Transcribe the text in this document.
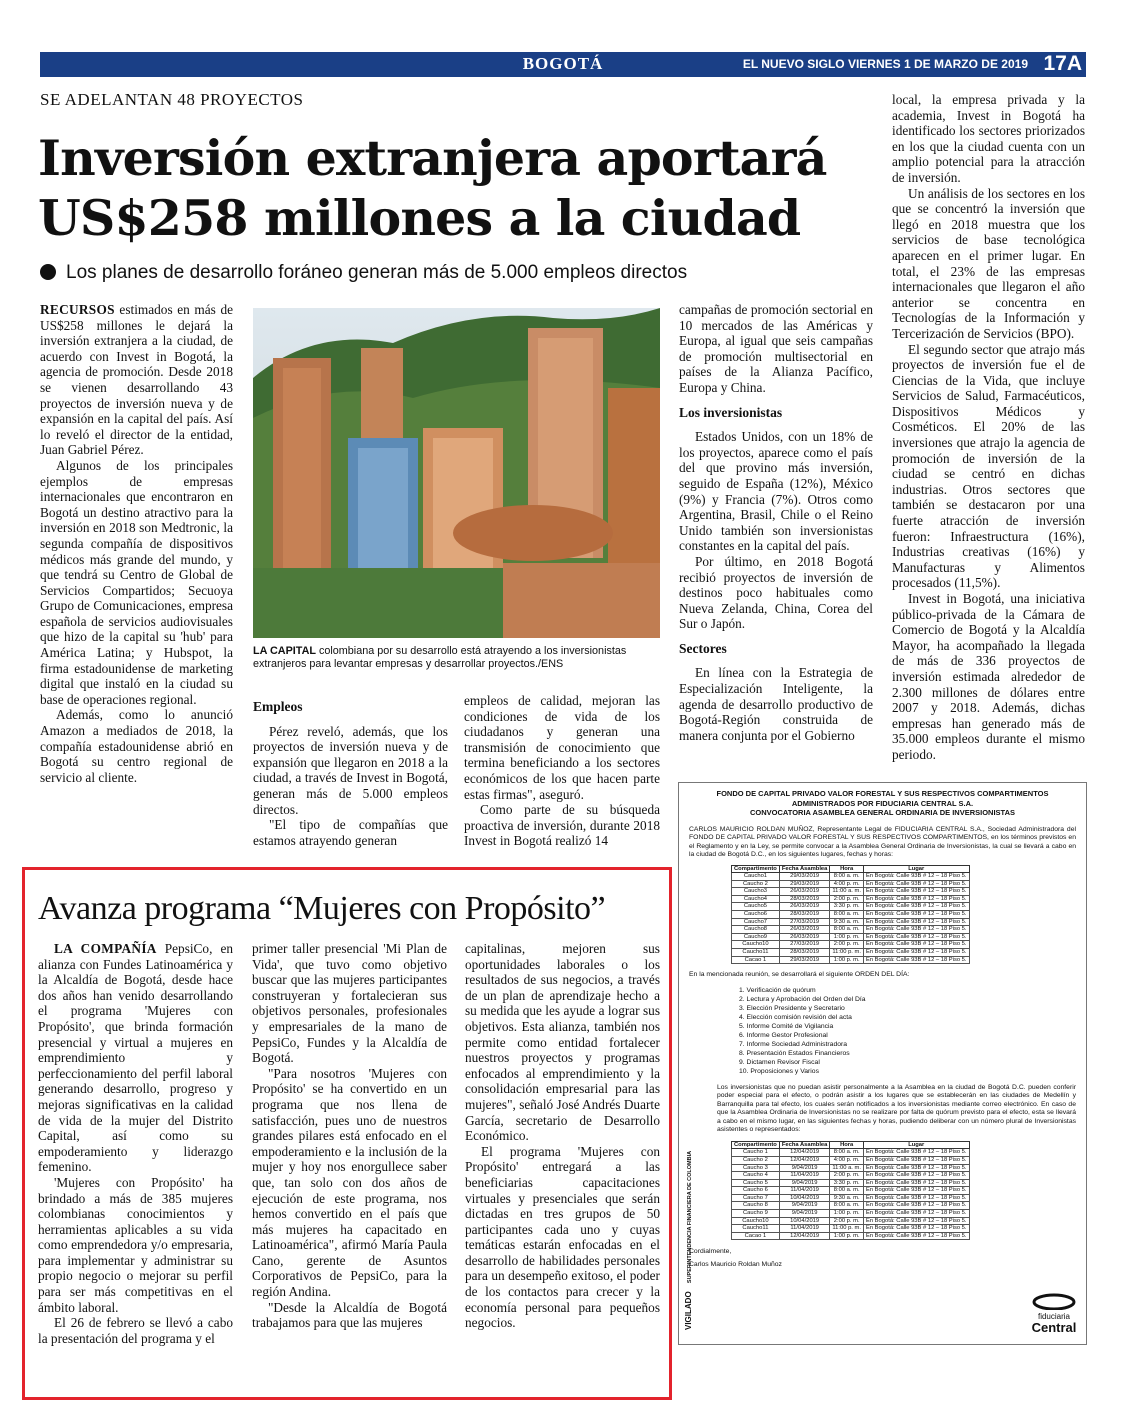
BOGOTÁ	EL NUEVO SIGLO VIERNES 1 DE MARZO DE 2019 17A
SE ADELANTAN 48 PROYECTOS
Inversión extranjera aportará
US$258 millones a la ciudad
Los planes de desarrollo foráneo generan más de 5.000 empleos directos

RECURSOS estimados en más de US$258 millones le dejará la inversión extranjera a la ciudad, de acuerdo con Invest in Bogotá, la agencia de promoción. Desde 2018 se vienen desarrollando 43 proyectos de inversión nueva y de expansión en la capital del país. Así lo reveló el director de la entidad, Juan Gabriel Pérez.

Algunos de los principales ejemplos de empresas internacionales que encontraron en Bogotá un destino atractivo para la inversión en 2018 son Medtronic, la segunda compañía de dispositivos médicos más grande del mundo, y que tendrá su Centro de Global de Servicios Compartidos; Secuoya Grupo de Comunicaciones, empresa española de servicios audiovisuales que hizo de la capital su 'hub' para América Latina; y Hubspot, la firma estadounidense de marketing digital que instaló en la ciudad su base de operaciones regional.

Además, como lo anunció Amazon a mediados de 2018, la compañía estadounidense abrió en Bogotá su centro regional de servicio al cliente.

LA CAPITAL colombiana por su desarrollo está atrayendo a los inversionistas extranjeros para levantar empresas y desarrollar proyectos./ENS

Empleos

Pérez reveló, además, que los proyectos de inversión nueva y de expansión que llegaron en 2018 a la ciudad, a través de Invest in Bogotá, generan más de 5.000 empleos directos.

"El tipo de compañías que estamos atrayendo generan

empleos de calidad, mejoran las condiciones de vida de los ciudadanos y generan una transmisión de conocimiento que termina beneficiando a los sectores económicos de los que hacen parte estas firmas", aseguró.

Como parte de su búsqueda proactiva de inversión, durante 2018 Invest in Bogotá realizó 14

campañas de promoción sectorial en 10 mercados de las Américas y Europa, al igual que seis campañas de promoción multisectorial en países de la Alianza Pacífico, Europa y China.

Los inversionistas

Estados Unidos, con un 18% de los proyectos, aparece como el país del que provino más inversión, seguido de España (12%), México (9%) y Francia (7%). Otros como Argentina, Brasil, Chile o el Reino Unido también son inversionistas constantes en la capital del país.

Por último, en 2018 Bogotá recibió proyectos de inversión de destinos poco habituales como Nueva Zelanda, China, Corea del Sur o Japón.

Sectores

En línea con la Estrategia de Especialización Inteligente, la agenda de desarrollo productivo de Bogotá-Región construida de manera conjunta por el Gobierno

local, la empresa privada y la academia, Invest in Bogotá ha identificado los sectores priorizados en los que la ciudad cuenta con un amplio potencial para la atracción de inversión.

Un análisis de los sectores en los que se concentró la inversión que llegó en 2018 muestra que los servicios de base tecnológica aparecen en el primer lugar. En total, el 23% de las empresas internacionales que llegaron el año anterior se concentra en Tecnologías de la Información y Tercerización de Servicios (BPO).

El segundo sector que atrajo más proyectos de inversión fue el de Ciencias de la Vida, que incluye Servicios de Salud, Farmacéuticos, Dispositivos Médicos y Cosméticos. El 20% de las inversiones que atrajo la agencia de promoción de inversión de la ciudad se centró en dichas industrias. Otros sectores que también se destacaron por una fuerte atracción de inversión fueron: Infraestructura (16%), Industrias creativas (16%) y Manufacturas y Alimentos procesados (11,5%).

Invest in Bogotá, una iniciativa público-privada de la Cámara de Comercio de Bogotá y la Alcaldía Mayor, ha acompañado la llegada de más de 336 proyectos de inversión estimada alrededor de 2.300 millones de dólares entre 2007 y 2018. Además, dichas empresas han generado más de 35.000 empleos durante el mismo periodo.

Avanza programa “Mujeres con Propósito”

LA COMPAÑÍA PepsiCo, en alianza con Fundes Latinoamérica y la Alcaldía de Bogotá, desde hace dos años han venido desarrollando el programa 'Mujeres con Propósito', que brinda formación presencial y virtual a mujeres en emprendimiento y perfeccionamiento del perfil laboral generando desarrollo, progreso y mejoras significativas en la calidad de vida de la mujer del Distrito Capital, así como su empoderamiento y liderazgo femenino.

'Mujeres con Propósito' ha brindado a más de 385 mujeres colombianas conocimientos y herramientas aplicables a su vida como emprendedora y/o empresaria, para implementar y administrar su propio negocio o mejorar su perfil para ser más competitivas en el ámbito laboral.

El 26 de febrero se llevó a cabo la presentación del programa y el

primer taller presencial 'Mi Plan de Vida', que tuvo como objetivo buscar que las mujeres participantes construyeran y fortalecieran sus objetivos personales, profesionales y empresariales de la mano de PepsiCo, Fundes y la Alcaldía de Bogotá.

"Para nosotros 'Mujeres con Propósito' se ha convertido en un programa que nos llena de satisfacción, pues uno de nuestros grandes pilares está enfocado en el empoderamiento e la inclusión de la mujer y hoy nos enorgullece saber que, tan solo con dos años de ejecución de este programa, nos hemos convertido en el país que más mujeres ha capacitado en Latinoamérica", afirmó María Paula Cano, gerente de Asuntos Corporativos de PepsiCo, para la región Andina.

"Desde la Alcaldía de Bogotá trabajamos para que las mujeres

capitalinas, mejoren sus oportunidades laborales o los resultados de sus negocios, a través de un plan de aprendizaje hecho a su medida que les ayude a lograr sus objetivos. Esta alianza, también nos permite como entidad fortalecer nuestros proyectos y programas enfocados al emprendimiento y la consolidación empresarial para las mujeres", señaló José Andrés Duarte García, secretario de Desarrollo Económico.

El programa 'Mujeres con Propósito' entregará a las beneficiarias capacitaciones virtuales y presenciales que serán dictadas en tres grupos de 50 participantes cada uno y cuyas temáticas estarán enfocadas en el desarrollo de habilidades personales para un desempeño exitoso, el poder de los contactos para crecer y la economía personal para pequeños negocios.

FONDO DE CAPITAL PRIVADO VALOR FORESTAL Y SUS RESPECTIVOS COMPARTIMENTOS
ADMINISTRADOS POR FIDUCIARIA CENTRAL S.A.
CONVOCATORIA ASAMBLEA GENERAL ORDINARIA DE INVERSIONISTAS
CARLOS MAURICIO ROLDAN MUÑOZ, Representante Legal de FIDUCIARIA CENTRAL S.A., Sociedad Administradora del FONDO DE CAPITAL PRIVADO VALOR FORESTAL Y SUS RESPECTIVOS COMPARTIMENTOS, en los términos previstos en el Reglamento y en la Ley, se permite convocar a la Asamblea General Ordinaria de Inversionistas, la cual se llevará a cabo en la ciudad de Bogotá D.C., en los siguientes lugares, fechas y horas:
Compartimento	Fecha Asamblea	Hora	Lugar
Caucho1	29/03/2019	8:00 a. m.	En Bogotá: Calle 93B # 12 – 18 Piso 5.
Caucho 2	29/03/2019	4:00 p. m.	En Bogotá: Calle 93B # 12 – 18 Piso 5.
Caucho3	26/03/2019	11:00 a. m.	En Bogotá: Calle 93B # 12 – 18 Piso 5.
Caucho4	28/03/2019	2:00 p. m.	En Bogotá: Calle 93B # 12 – 18 Piso 5.
Caucho5	26/03/2019	3:30 p. m.	En Bogotá: Calle 93B # 12 – 18 Piso 5.
Caucho6	28/03/2019	8:00 a. m.	En Bogotá: Calle 93B # 12 – 18 Piso 5.
Caucho7	27/03/2019	9:30 a. m.	En Bogotá: Calle 93B # 12 – 18 Piso 5.
Caucho8	26/03/2019	8:00 a. m.	En Bogotá: Calle 93B # 12 – 18 Piso 5.
Caucho9	26/03/2019	1:00 p. m.	En Bogotá: Calle 93B # 12 – 18 Piso 5.
Caucho10	27/03/2019	2:00 p. m.	En Bogotá: Calle 93B # 12 – 18 Piso 5.
Caucho11	28/03/2019	11:00 p. m.	En Bogotá: Calle 93B # 12 – 18 Piso 5.
Cacao 1	29/03/2019	1:00 p. m.	En Bogotá: Calle 93B # 12 – 18 Piso 5.
En la mencionada reunión, se desarrollará el siguiente ORDEN DEL DÍA:
1. Verificación de quórum
2. Lectura y Aprobación del Orden del Día
3. Elección Presidente y Secretario
4. Elección comisión revisión del acta
5. Informe Comité de Vigilancia
6. Informe Gestor Profesional
7. Informe Sociedad Administradora
8. Presentación Estados Financieros
9. Dictamen Revisor Fiscal
10. Proposiciones y Varios
Los inversionistas que no puedan asistir personalmente a la Asamblea en la ciudad de Bogotá D.C. pueden conferir poder especial para el efecto, o podrán asistir a los lugares que se establecerán en las ciudades de Medellín y Barranquilla para tal efecto, los cuales serán notificados a los inversionistas mediante correo electrónico. En caso de que la Asamblea Ordinaria de Inversionistas no se realizare por falta de quórum previsto para el efecto, esta se llevará a cabo en el mismo lugar, en las siguientes fechas y horas, pudiendo deliberar con un número plural de Inversionistas asistentes o representados:
Compartimento	Fecha Asamblea	Hora	Lugar
Caucho 1	12/04/2019	8:00 a. m.	En Bogotá: Calle 93B # 12 – 18 Piso 5.
Caucho 2	12/04/2019	4:00 p. m.	En Bogotá: Calle 93B # 12 – 18 Piso 5.
Caucho 3	9/04/2019	11:00 a. m.	En Bogotá: Calle 93B # 12 – 18 Piso 5.
Caucho 4	11/04/2019	2:00 p. m.	En Bogotá: Calle 93B # 12 – 18 Piso 5.
Caucho 5	9/04/2019	3:30 p. m.	En Bogotá: Calle 93B # 12 – 18 Piso 5.
Caucho 6	11/04/2019	8:00 a. m.	En Bogotá: Calle 93B # 12 – 18 Piso 5.
Caucho 7	10/04/2019	9:30 a. m.	En Bogotá: Calle 93B # 12 – 18 Piso 5.
Caucho 8	9/04/2019	8:00 a. m.	En Bogotá: Calle 93B # 12 – 18 Piso 5.
Caucho 9	9/04/2019	1:00 p. m.	En Bogotá: Calle 93B # 12 – 18 Piso 5.
Caucho10	10/04/2019	2:00 p. m.	En Bogotá: Calle 93B # 12 – 18 Piso 5.
Caucho11	11/04/2019	11:00 p. m.	En Bogotá: Calle 93B # 12 – 18 Piso 5.
Cacao 1	12/04/2019	1:00 p. m.	En Bogotá: Calle 93B # 12 – 18 Piso 5.
Cordialmente,
Carlos Mauricio Roldan Muñoz
VIGILADO SUPERINTENDENCIA FINANCIERA DE COLOMBIA
fiduciaria
Central
